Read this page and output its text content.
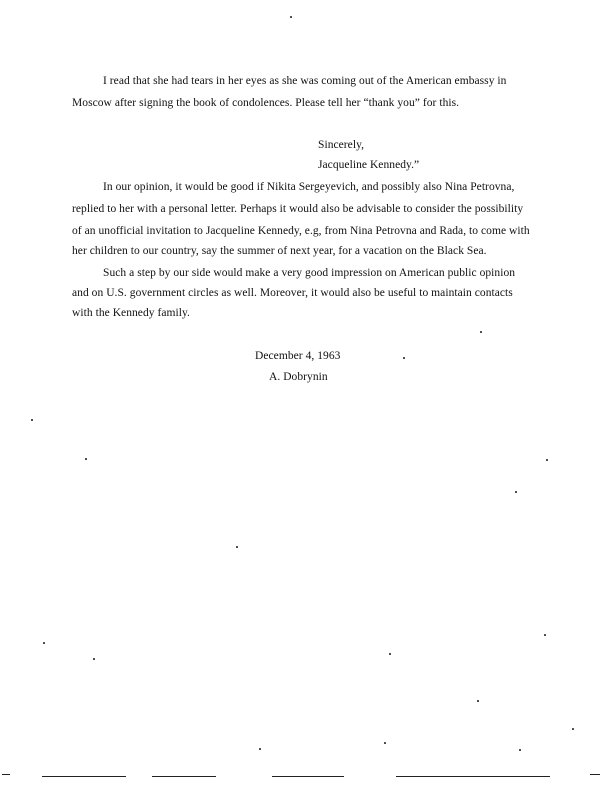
I read that she had tears in her eyes as she was coming out of the American embassy in
Moscow after signing the book of condolences. Please tell her “thank you” for this.
Sincerely,
Jacqueline Kennedy.”
In our opinion, it would be good if Nikita Sergeyevich, and possibly also Nina Petrovna,
replied to her with a personal letter. Perhaps it would also be advisable to consider the possibility
of an unofficial invitation to Jacqueline Kennedy, e.g, from Nina Petrovna and Rada, to come with
her children to our country, say the summer of next year, for a vacation on the Black Sea.
Such a step by our side would make a very good impression on American public opinion
and on U.S. government circles as well. Moreover, it would also be useful to maintain contacts
with the Kennedy family.
December 4, 1963
A. Dobrynin
